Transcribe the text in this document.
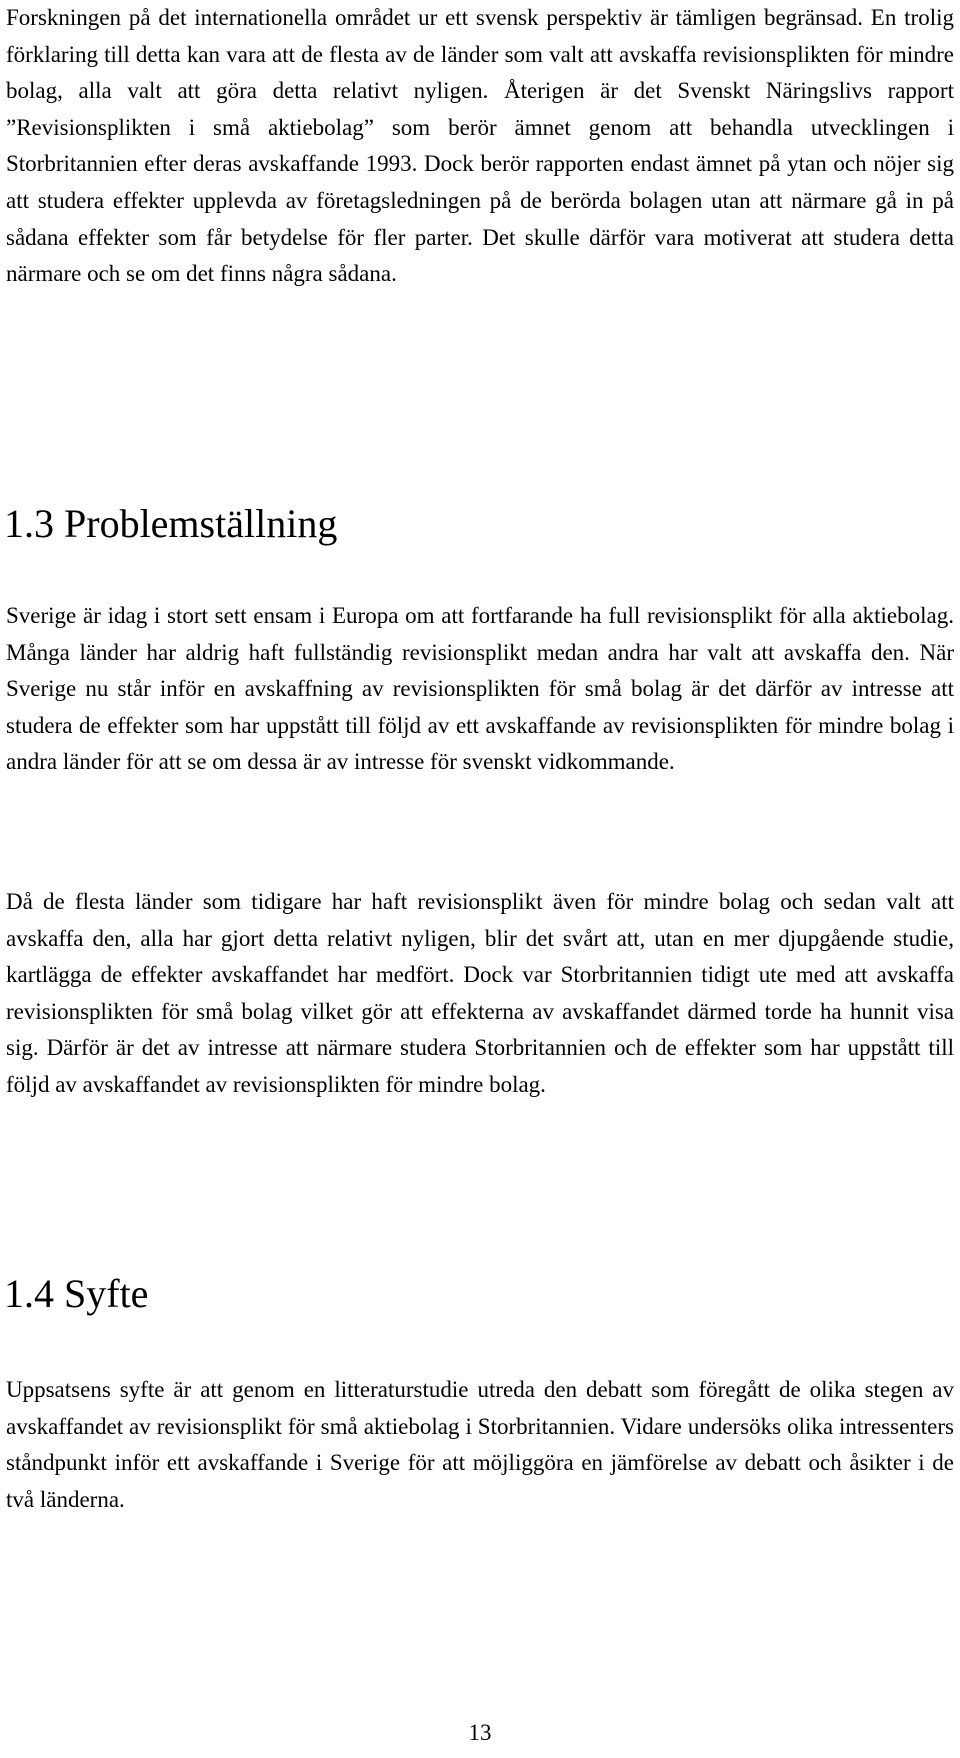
Forskningen på det internationella området ur ett svensk perspektiv är tämligen begränsad. En trolig förklaring till detta kan vara att de flesta av de länder som valt att avskaffa revisionsplikten för mindre bolag, alla valt att göra detta relativt nyligen. Återigen är det Svenskt Näringslivs rapport ”Revisionsplikten i små aktiebolag” som berör ämnet genom att behandla utvecklingen i Storbritannien efter deras avskaffande 1993. Dock berör rapporten endast ämnet på ytan och nöjer sig att studera effekter upplevda av företagsledningen på de berörda bolagen utan att närmare gå in på sådana effekter som får betydelse för fler parter. Det skulle därför vara motiverat att studera detta närmare och se om det finns några sådana.

1.3 Problemställning

Sverige är idag i stort sett ensam i Europa om att fortfarande ha full revisionsplikt för alla aktiebolag. Många länder har aldrig haft fullständig revisionsplikt medan andra har valt att avskaffa den. När Sverige nu står inför en avskaffning av revisionsplikten för små bolag är det därför av intresse att studera de effekter som har uppstått till följd av ett avskaffande av revisionsplikten för mindre bolag i andra länder för att se om dessa är av intresse för svenskt vidkommande.

Då de flesta länder som tidigare har haft revisionsplikt även för mindre bolag och sedan valt att avskaffa den, alla har gjort detta relativt nyligen, blir det svårt att, utan en mer djupgående studie, kartlägga de effekter avskaffandet har medfört. Dock var Storbritannien tidigt ute med att avskaffa revisionsplikten för små bolag vilket gör att effekterna av avskaffandet därmed torde ha hunnit visa sig. Därför är det av intresse att närmare studera Storbritannien och de effekter som har uppstått till följd av avskaffandet av revisionsplikten för mindre bolag.

1.4 Syfte

Uppsatsens syfte är att genom en litteraturstudie utreda den debatt som föregått de olika stegen av avskaffandet av revisionsplikt för små aktiebolag i Storbritannien. Vidare undersöks olika intressenters ståndpunkt inför ett avskaffande i Sverige för att möjliggöra en jämförelse av debatt och åsikter i de två länderna.

13
